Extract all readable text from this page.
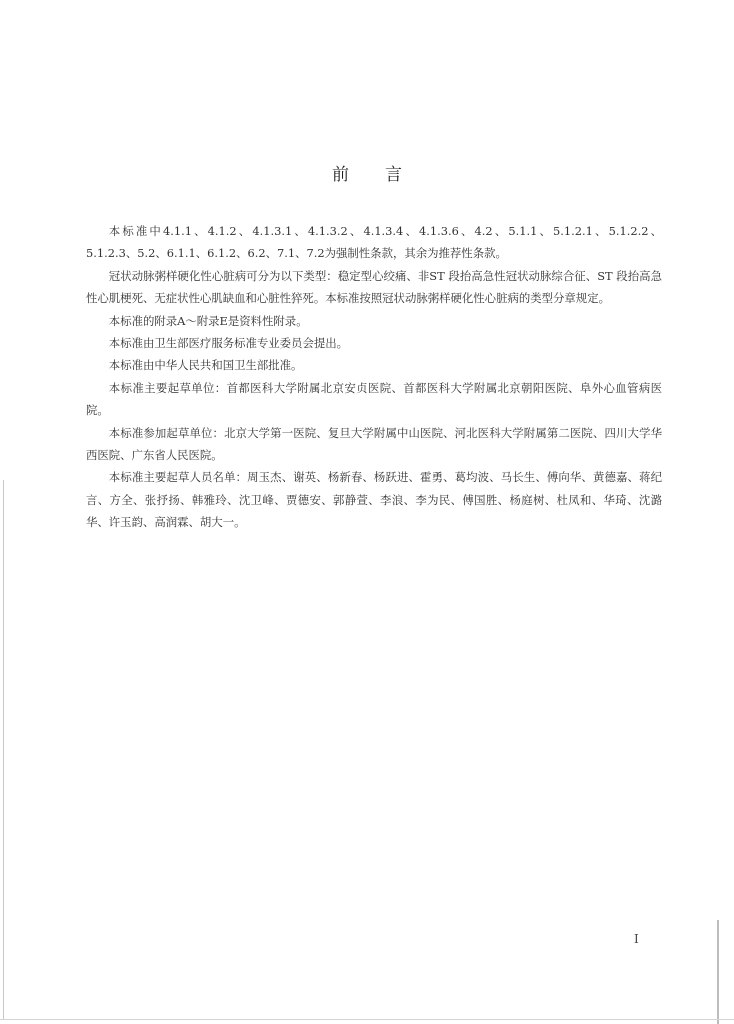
前 言

本标准中4.1.1、4.1.2、4.1.3.1、4.1.3.2、4.1.3.4、4.1.3.6、4.2、5.1.1、5.1.2.1、5.1.2.2、5.1.2.3、5.2、6.1.1、6.1.2、6.2、7.1、7.2为强制性条款，其余为推荐性条款。

冠状动脉粥样硬化性心脏病可分为以下类型：稳定型心绞痛、非ST 段抬高急性冠状动脉综合征、ST 段抬高急性心肌梗死、无症状性心肌缺血和心脏性猝死。本标准按照冠状动脉粥样硬化性心脏病的类型分章规定。

本标准的附录A～附录E是资料性附录。

本标准由卫生部医疗服务标准专业委员会提出。

本标准由中华人民共和国卫生部批准。

本标准主要起草单位：首都医科大学附属北京安贞医院、首都医科大学附属北京朝阳医院、阜外心血管病医院。

本标准参加起草单位：北京大学第一医院、复旦大学附属中山医院、河北医科大学附属第二医院、四川大学华西医院、广东省人民医院。

本标准主要起草人员名单：周玉杰、谢英、杨新春、杨跃进、霍勇、葛均波、马长生、傅向华、黄德嘉、蒋纪言、方全、张抒扬、韩雅玲、沈卫峰、贾德安、郭静萱、李浪、李为民、傅国胜、杨庭树、杜凤和、华琦、沈潞华、许玉韵、高润霖、胡大一。

I
